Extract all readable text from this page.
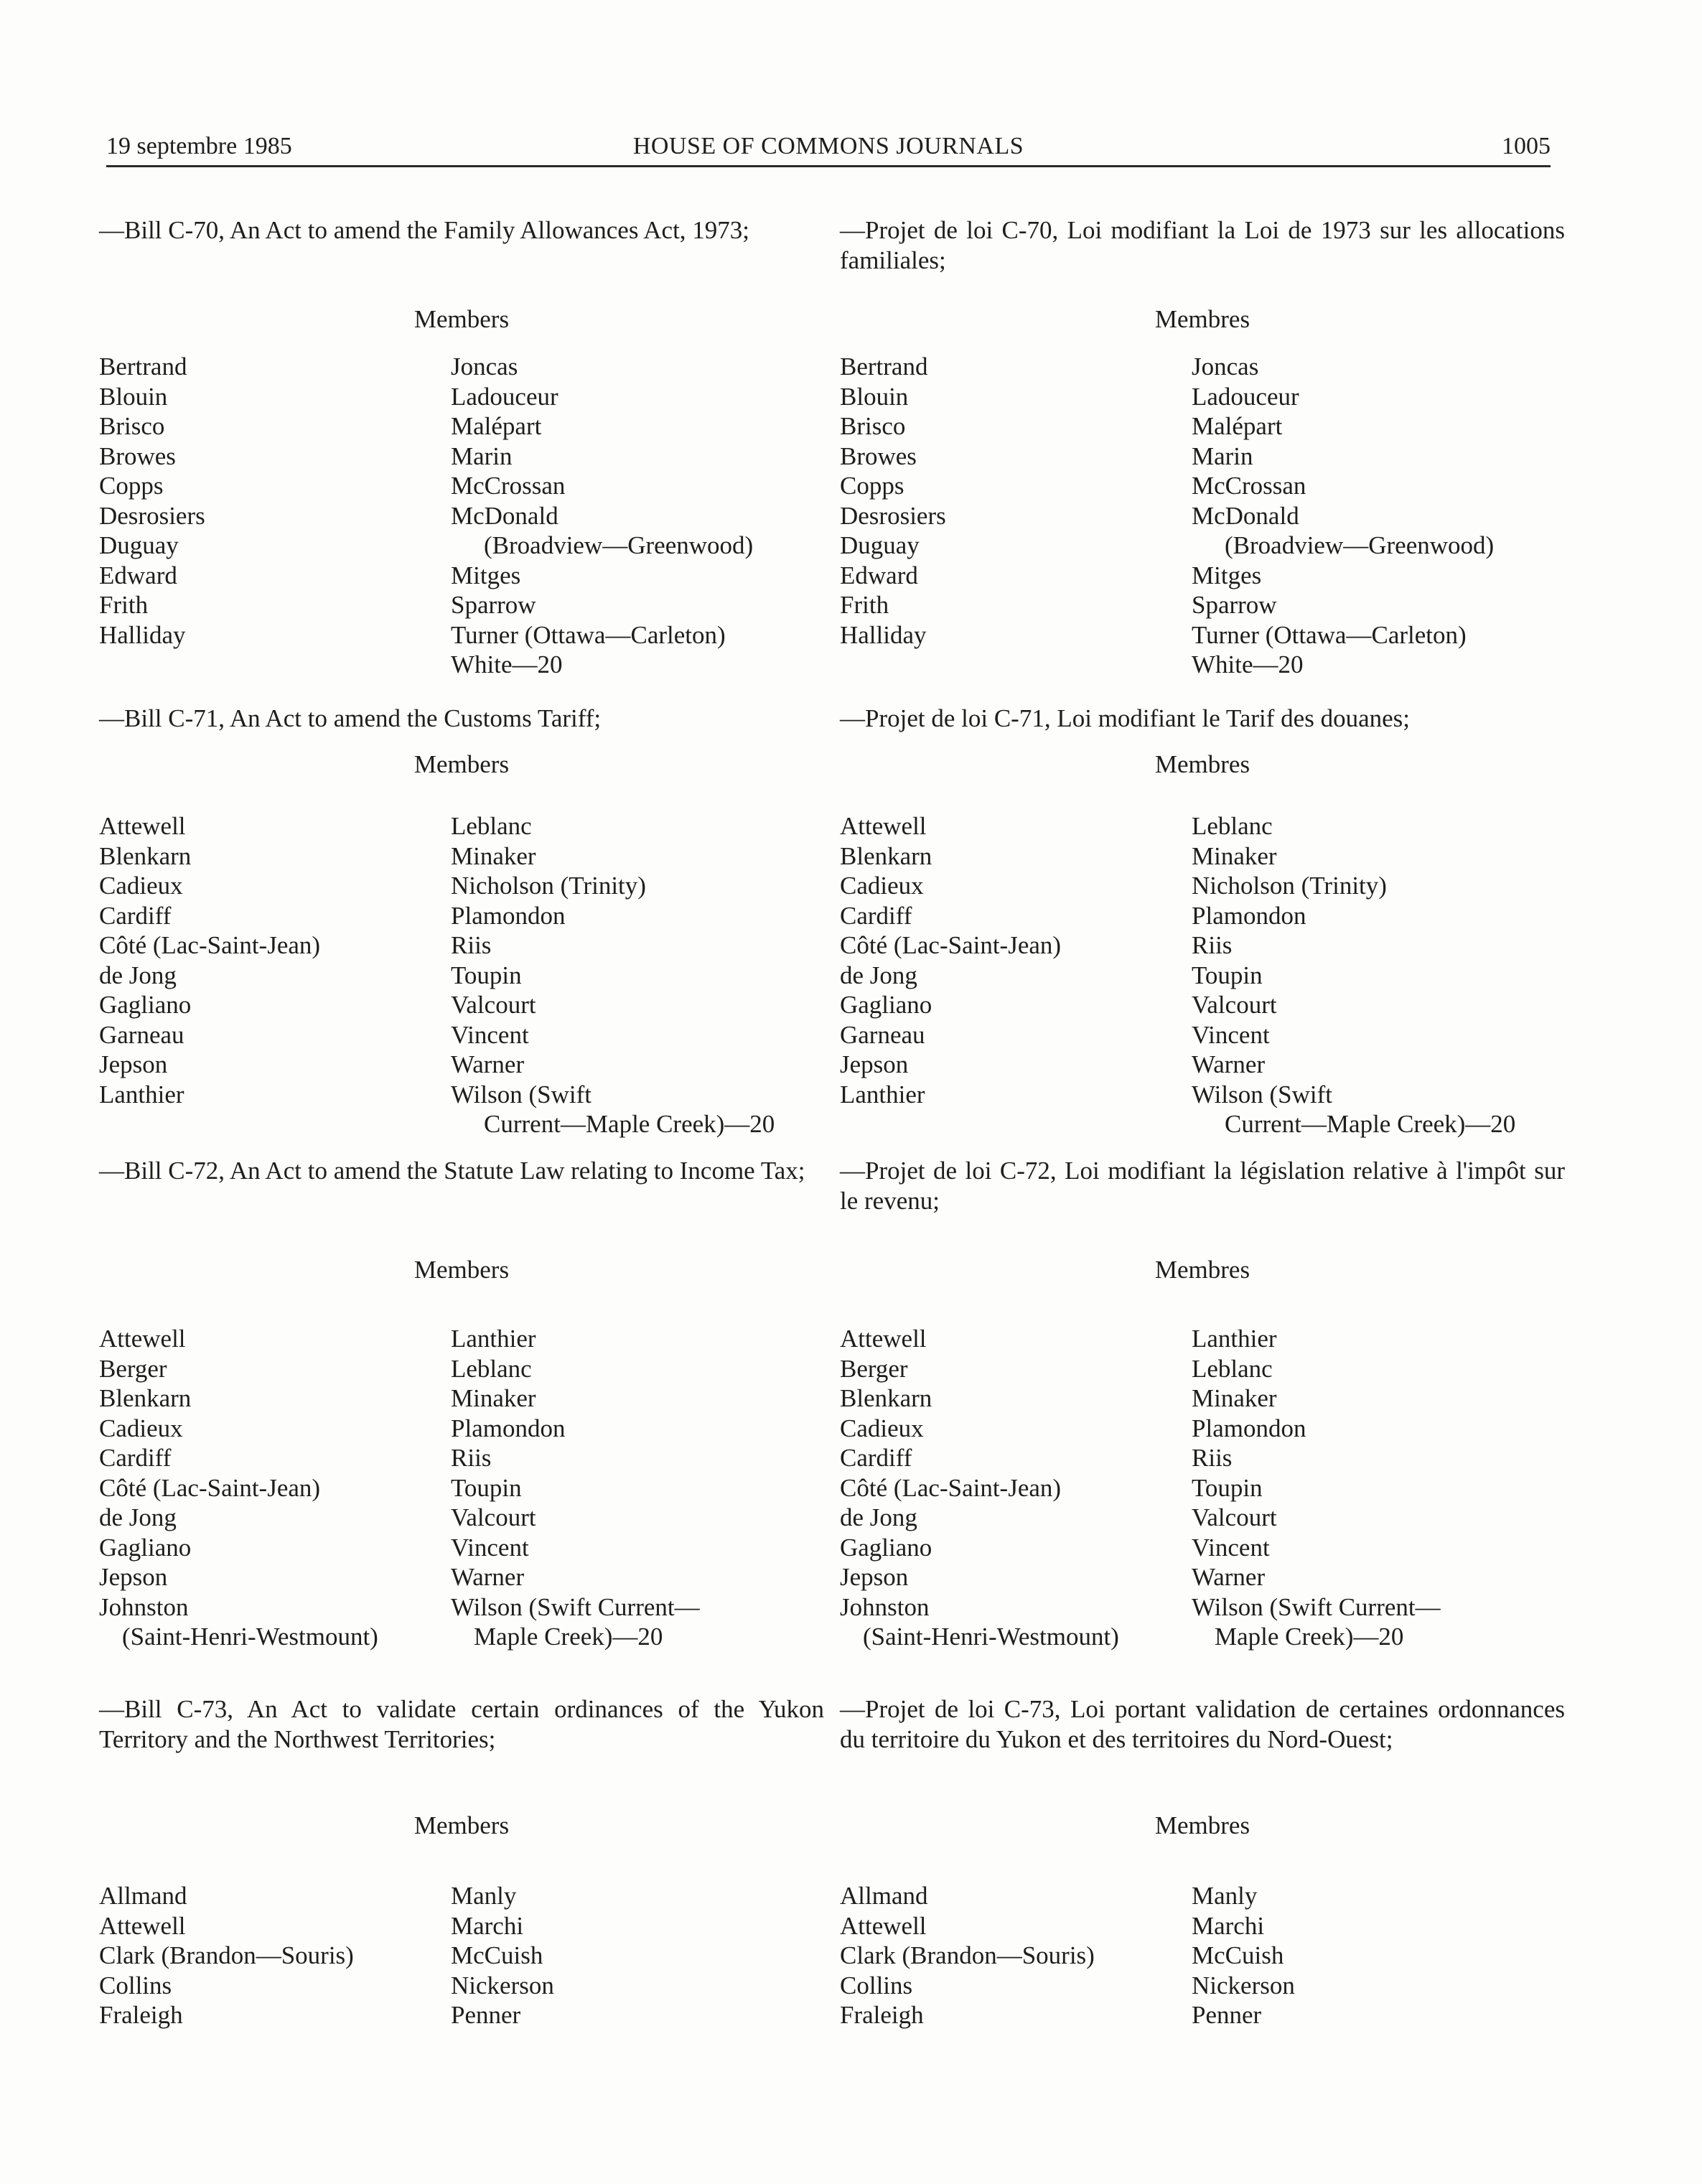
19 septembre 1985	HOUSE OF COMMONS JOURNALS	1005
—Bill C-70, An Act to amend the Family Allowances Act, 1973;
Members
Bertrand
Blouin
Brisco
Browes
Copps
Desrosiers
Duguay
Edward
Frith
Halliday
Joncas
Ladouceur
Malépart
Marin
McCrossan
McDonald
(Broadview—Greenwood)
Mitges
Sparrow
Turner (Ottawa—Carleton)
White—20
—Bill C-71, An Act to amend the Customs Tariff;
Members
Attewell
Blenkarn
Cadieux
Cardiff
Côté (Lac-Saint-Jean)
de Jong
Gagliano
Garneau
Jepson
Lanthier
Leblanc
Minaker
Nicholson (Trinity)
Plamondon
Riis
Toupin
Valcourt
Vincent
Warner
Wilson (Swift
Current—Maple Creek)—20
—Bill C-72, An Act to amend the Statute Law relating to Income Tax;
Members
Attewell
Berger
Blenkarn
Cadieux
Cardiff
Côté (Lac-Saint-Jean)
de Jong
Gagliano
Jepson
Johnston
(Saint-Henri-Westmount)
Lanthier
Leblanc
Minaker
Plamondon
Riis
Toupin
Valcourt
Vincent
Warner
Wilson (Swift Current—
Maple Creek)—20
—Bill C-73, An Act to validate certain ordinances of the Yukon Territory and the Northwest Territories;
Members
Allmand
Attewell
Clark (Brandon—Souris)
Collins
Fraleigh
Manly
Marchi
McCuish
Nickerson
Penner
—Projet de loi C-70, Loi modifiant la Loi de 1973 sur les allocations familiales;
Membres
Bertrand
Blouin
Brisco
Browes
Copps
Desrosiers
Duguay
Edward
Frith
Halliday
Joncas
Ladouceur
Malépart
Marin
McCrossan
McDonald
(Broadview—Greenwood)
Mitges
Sparrow
Turner (Ottawa—Carleton)
White—20
—Projet de loi C-71, Loi modifiant le Tarif des douanes;
Membres
Attewell
Blenkarn
Cadieux
Cardiff
Côté (Lac-Saint-Jean)
de Jong
Gagliano
Garneau
Jepson
Lanthier
Leblanc
Minaker
Nicholson (Trinity)
Plamondon
Riis
Toupin
Valcourt
Vincent
Warner
Wilson (Swift
Current—Maple Creek)—20
—Projet de loi C-72, Loi modifiant la législation relative à l'impôt sur le revenu;
Membres
Attewell
Berger
Blenkarn
Cadieux
Cardiff
Côté (Lac-Saint-Jean)
de Jong
Gagliano
Jepson
Johnston
(Saint-Henri-Westmount)
Lanthier
Leblanc
Minaker
Plamondon
Riis
Toupin
Valcourt
Vincent
Warner
Wilson (Swift Current—
Maple Creek)—20
—Projet de loi C-73, Loi portant validation de certaines ordonnances du territoire du Yukon et des territoires du Nord-Ouest;
Membres
Allmand
Attewell
Clark (Brandon—Souris)
Collins
Fraleigh
Manly
Marchi
McCuish
Nickerson
Penner
